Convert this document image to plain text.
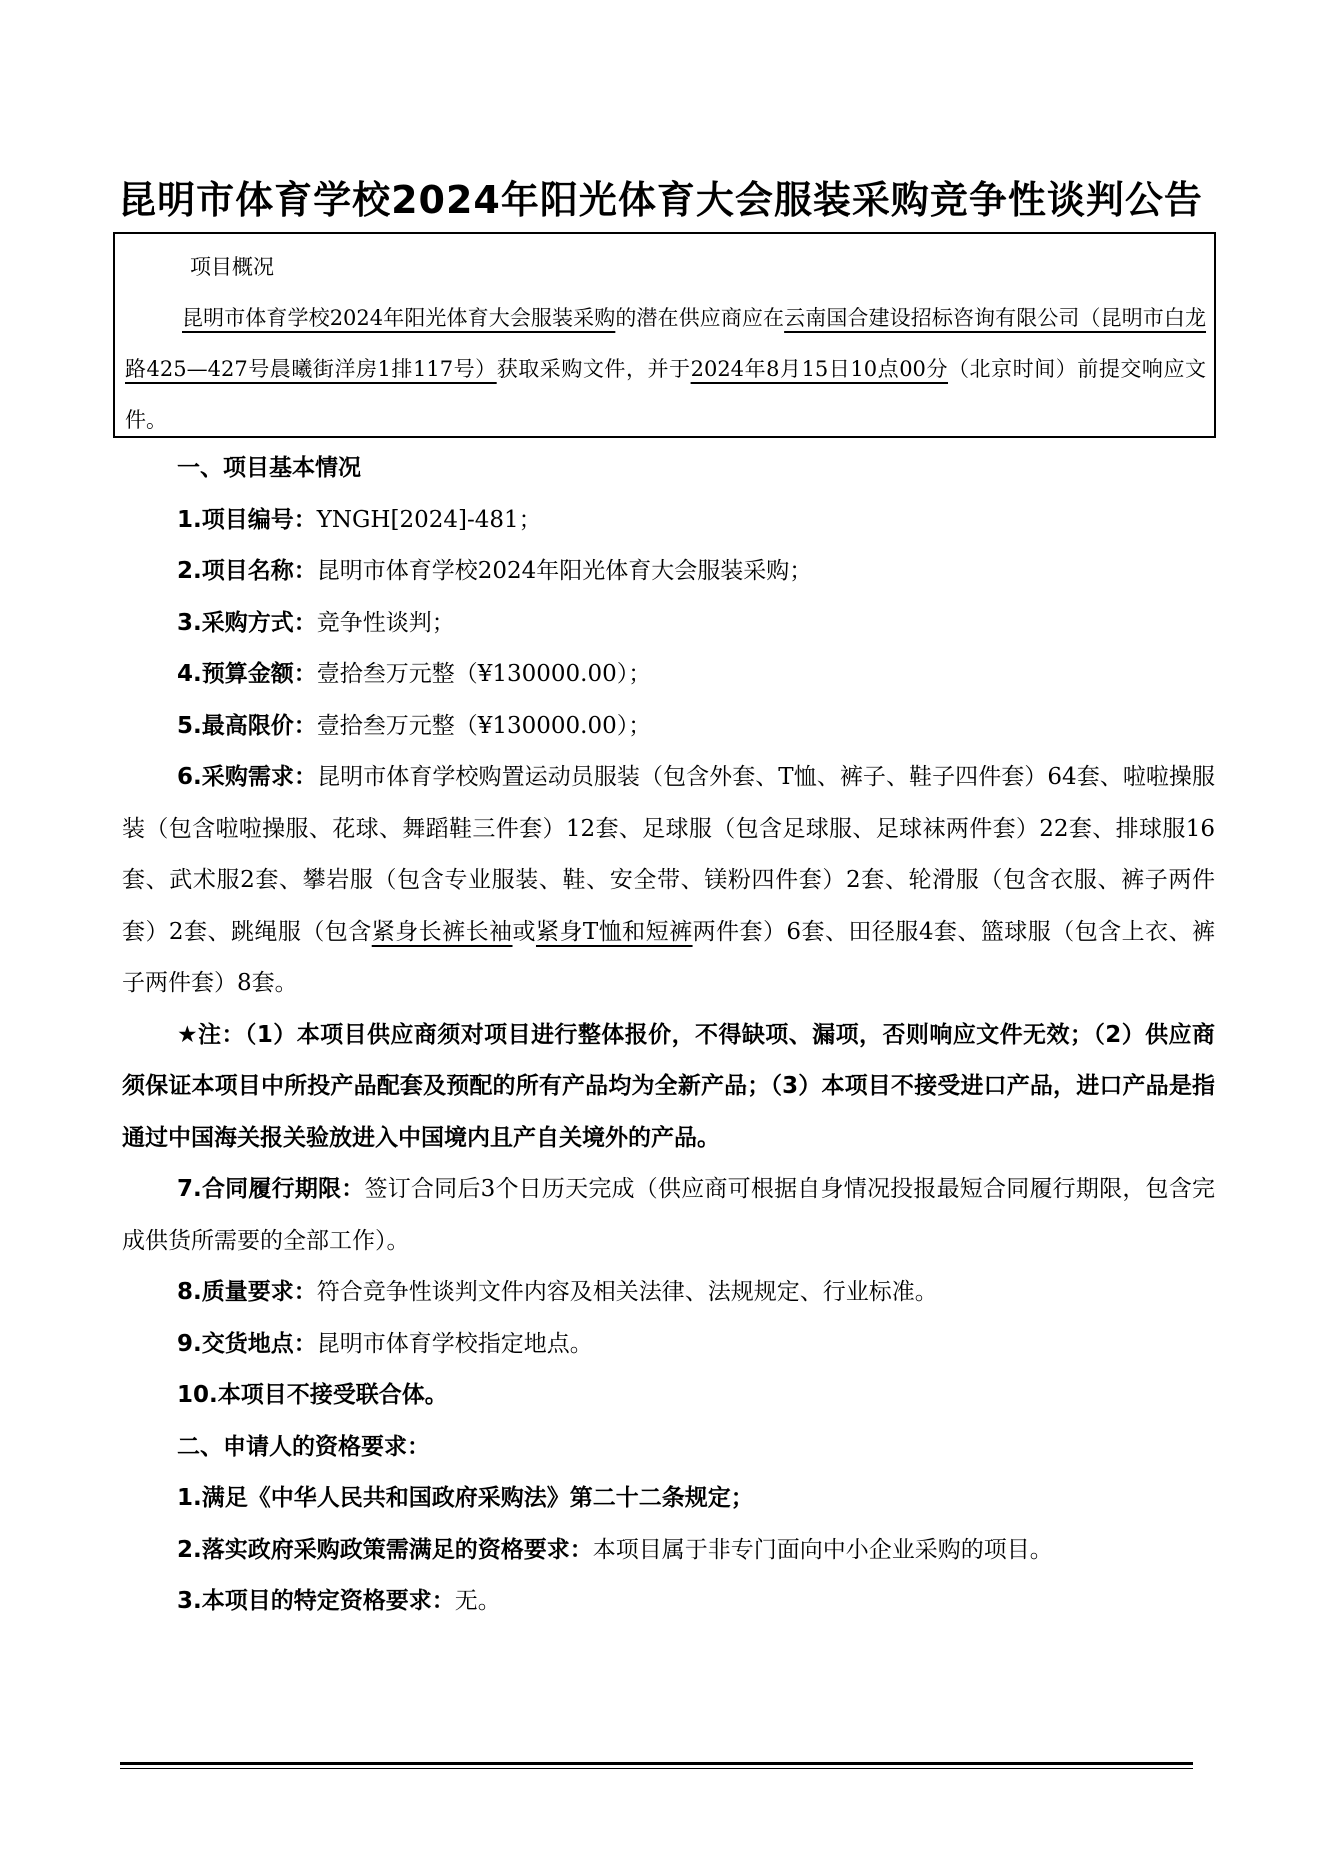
昆明市体育学校2024年阳光体育大会服装采购竞争性谈判公告
项目概况
昆明市体育学校2024年阳光体育大会服装采购的潜在供应商应在云南国合建设招标咨询有限公司（昆明市白龙路425—427号晨曦街洋房1排117号）获取采购文件，并于2024年8月15日10点00分（北京时间）前提交响应文件。

一、项目基本情况

1.项目编号：YNGH[2024]-481；

2.项目名称：昆明市体育学校2024年阳光体育大会服装采购；

3.采购方式：竞争性谈判；

4.预算金额：壹拾叁万元整（¥130000.00）；

5.最高限价：壹拾叁万元整（¥130000.00）；

6.采购需求：昆明市体育学校购置运动员服装（包含外套、T恤、裤子、鞋子四件套）64套、啦啦操服装（包含啦啦操服、花球、舞蹈鞋三件套）12套、足球服（包含足球服、足球袜两件套）22套、排球服16套、武术服2套、攀岩服（包含专业服装、鞋、安全带、镁粉四件套）2套、轮滑服（包含衣服、裤子两件套）2套、跳绳服（包含紧身长裤长袖或紧身T恤和短裤两件套）6套、田径服4套、篮球服（包含上衣、裤子两件套）8套。

★注：（1）本项目供应商须对项目进行整体报价，不得缺项、漏项，否则响应文件无效；（2）供应商须保证本项目中所投产品配套及预配的所有产品均为全新产品；（3）本项目不接受进口产品，进口产品是指通过中国海关报关验放进入中国境内且产自关境外的产品。

7.合同履行期限：签订合同后3个日历天完成（供应商可根据自身情况投报最短合同履行期限，包含完成供货所需要的全部工作）。

8.质量要求：符合竞争性谈判文件内容及相关法律、法规规定、行业标准。

9.交货地点：昆明市体育学校指定地点。

10.本项目不接受联合体。

二、申请人的资格要求：

1.满足《中华人民共和国政府采购法》第二十二条规定；

2.落实政府采购政策需满足的资格要求：本项目属于非专门面向中小企业采购的项目。

3.本项目的特定资格要求：无。
